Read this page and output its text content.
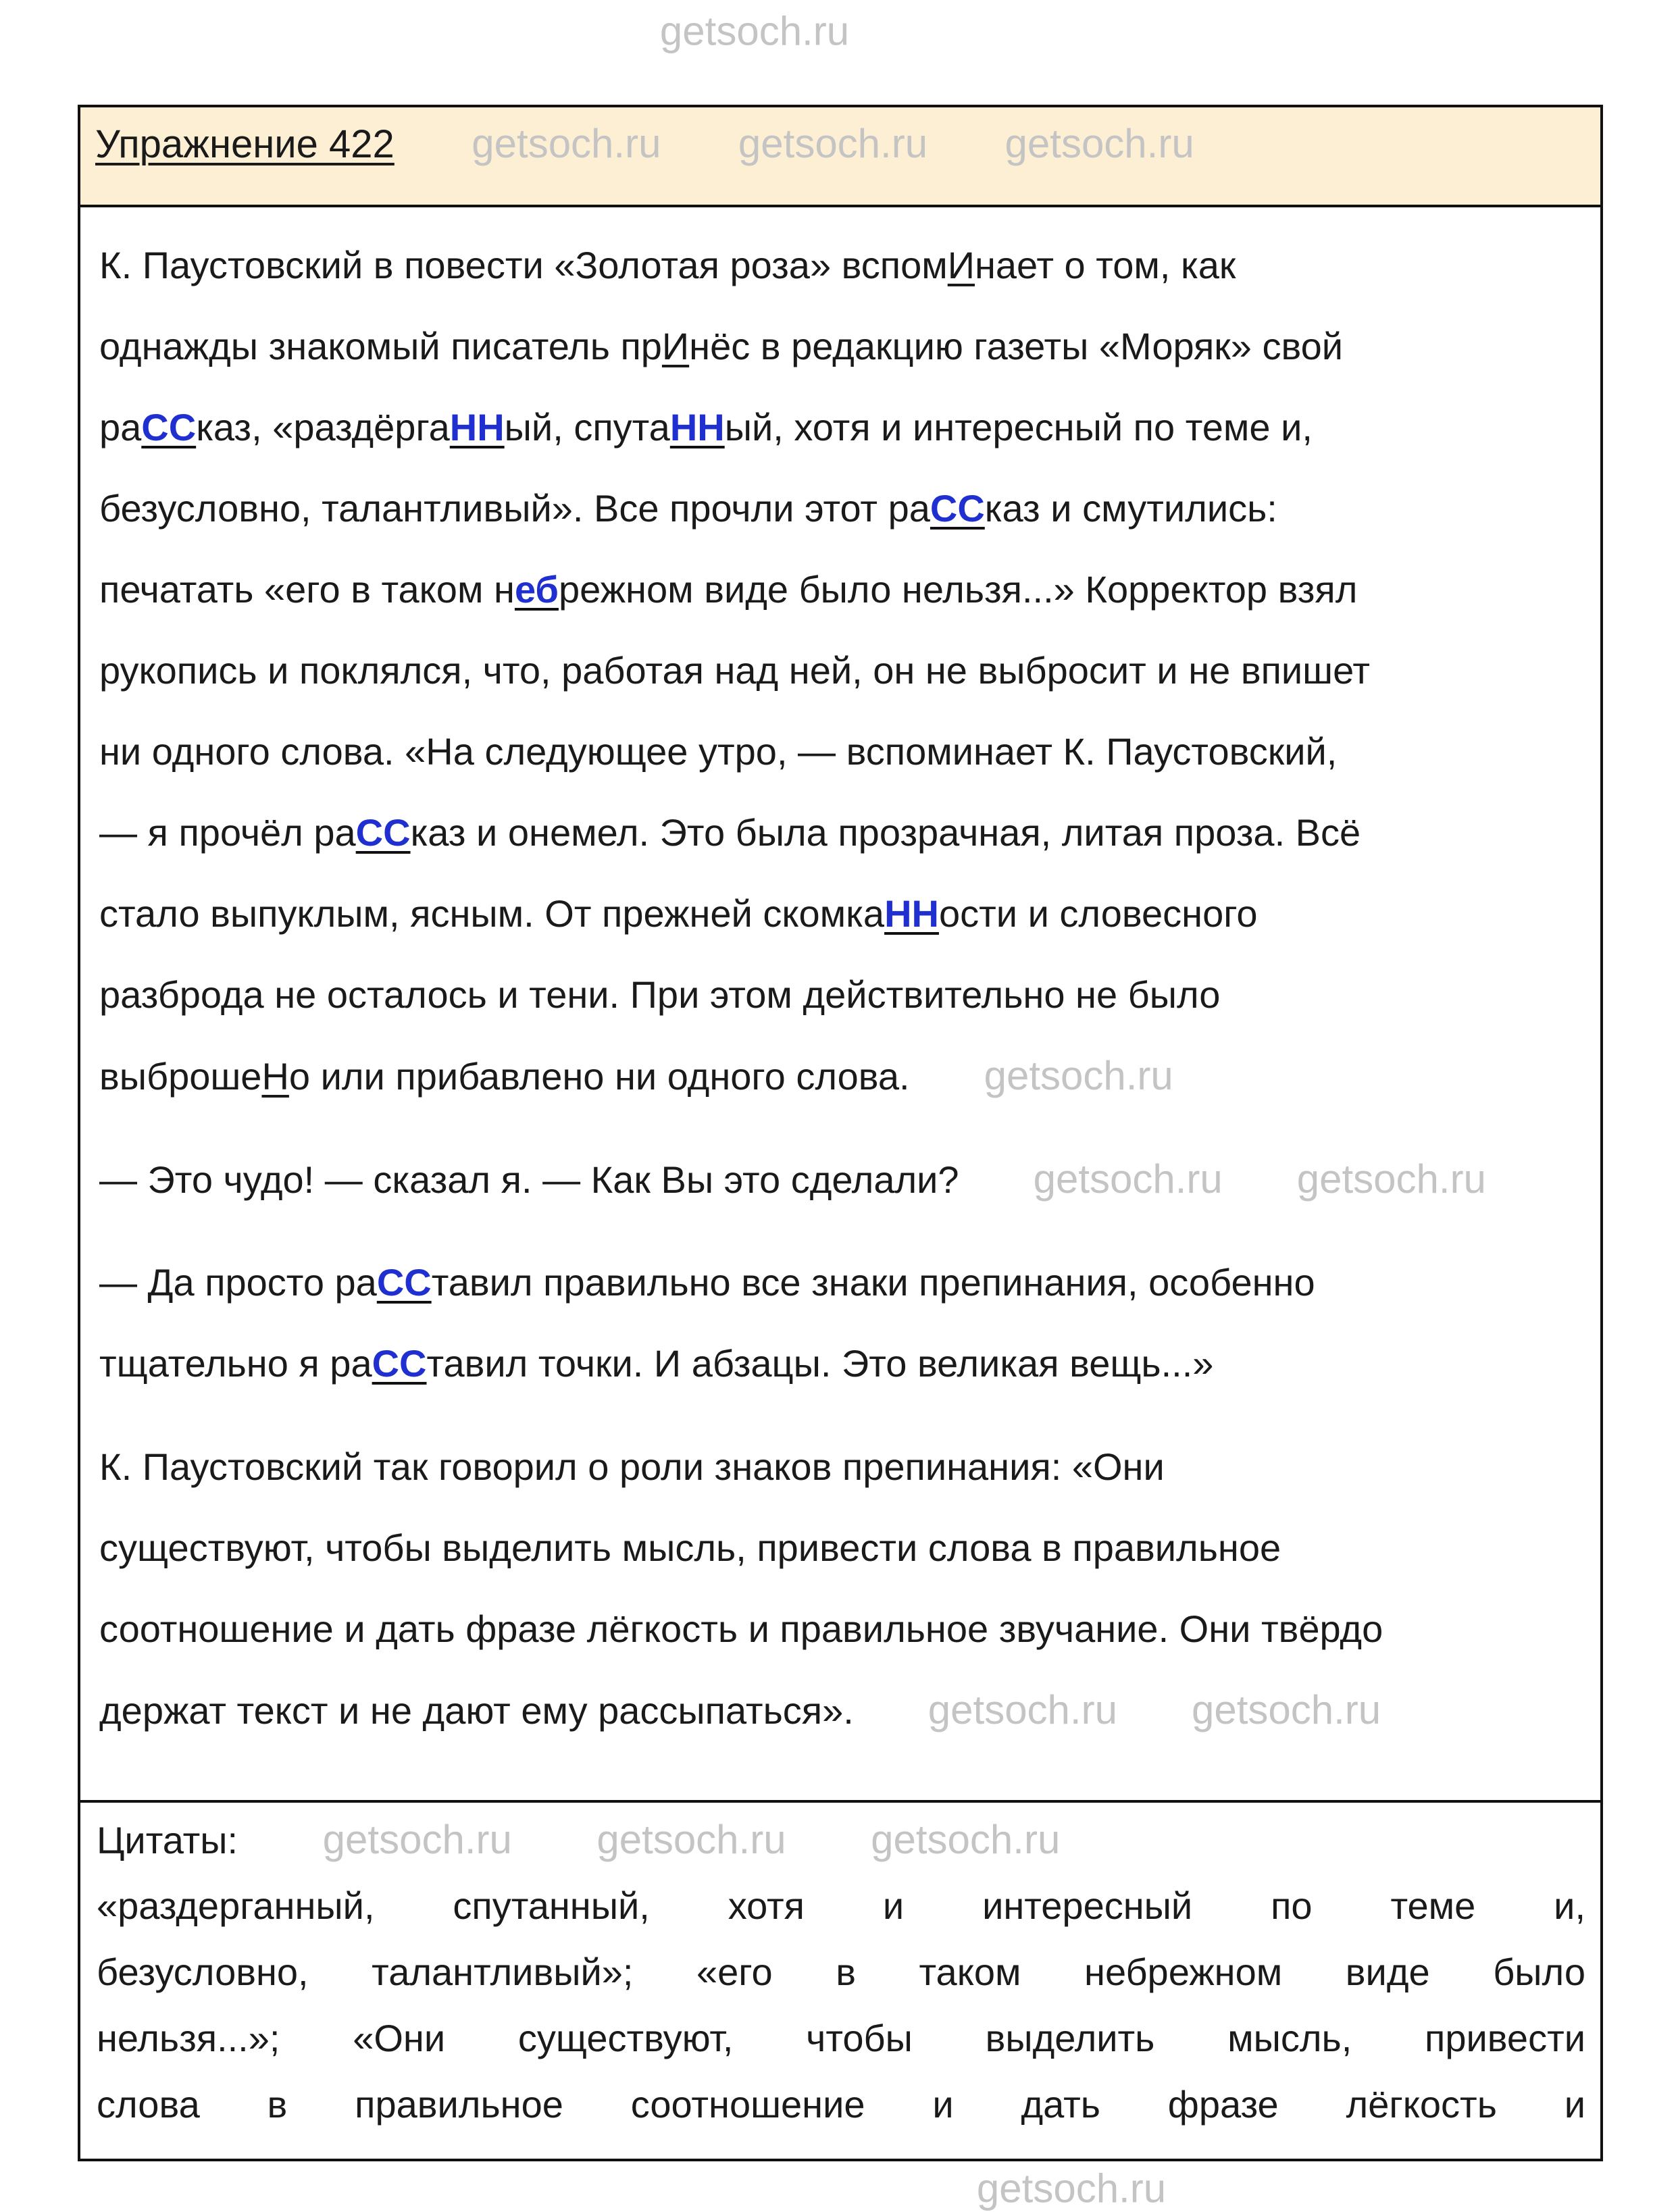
Упражнение 422 getsoch.ru getsoch.ru getsoch.ru
К. Паустовский в повести «Золотая роза» вспомИнает о том, как
однажды знакомый писатель прИнёс в редакцию газеты «Моряк» свой
раССказ, «раздёргаННый, спутаННый, хотя и интересный по теме и,
безусловно, талантливый». Все прочли этот раССказ и смутились:
печатать «его в таком небрежном виде было нельзя...» Корректор взял
рукопись и поклялся, что, работая над ней, он не выбросит и не впишет
ни одного слова. «На следующее утро, — вспоминает К. Паустовский,
— я прочёл раССказ и онемел. Это была прозрачная, литая проза. Всё
стало выпуклым, ясным. От прежней скомкаННости и словесного
разброда не осталось и тени. При этом действительно не было
выброшеНо или прибавлено ни одного слова. getsoch.ru
— Это чудо! — сказал я. — Как Вы это сделали? getsoch.ru getsoch.ru
— Да просто раССтавил правильно все знаки препинания, особенно
тщательно я раССтавил точки. И абзацы. Это великая вещь...»
К. Паустовский так говорил о роли знаков препинания: «Они
существуют, чтобы выделить мысль, привести слова в правильное
соотношение и дать фразе лёгкость и правильное звучание. Они твёрдо
держат текст и не дают ему рассыпаться». getsoch.ru getsoch.ru
Цитаты: getsoch.ru getsoch.ru getsoch.ru
«раздерганный, спутанный, хотя и интересный по теме и,
безусловно, талантливый»; «его в таком небрежном виде было
нельзя...»; «Они существуют, чтобы выделить мысль, привести
слова в правильное соотношение и дать фразе лёгкость и
getsoch.ru
getsoch.ru
